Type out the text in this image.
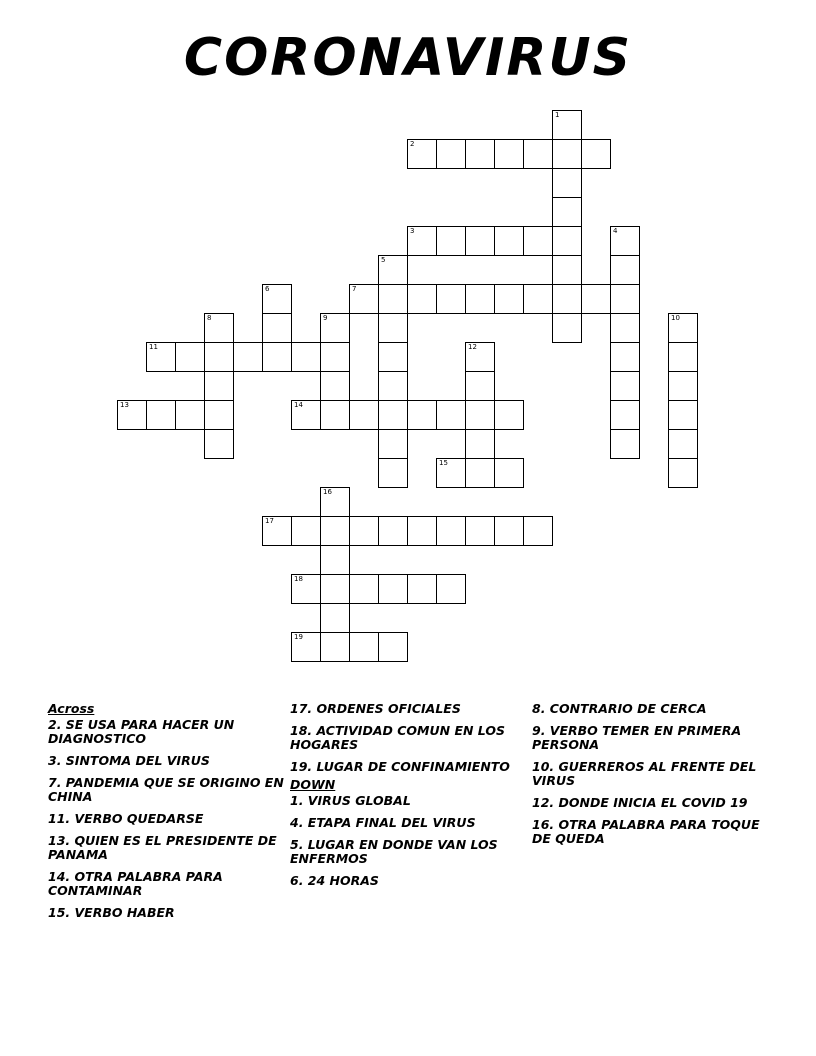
CORONAVIRUS
2
3
7
11
13	14
15
17
18
19
1
4
5
6
8	9	10
12
16
Across
2. SE USA PARA HACER UN DIAGNOSTICO
3. SINTOMA DEL VIRUS
7. PANDEMIA QUE SE ORIGINO EN CHINA
11. VERBO QUEDARSE
13. QUIEN ES EL PRESIDENTE DE PANAMA
14. OTRA PALABRA PARA CONTAMINAR
15. VERBO HABER
17. ORDENES OFICIALES
18. ACTIVIDAD COMUN EN LOS HOGARES
19. LUGAR DE CONFINAMIENTO
DOWN
1. VIRUS GLOBAL
4. ETAPA FINAL DEL VIRUS
5. LUGAR EN DONDE VAN LOS ENFERMOS
6. 24 HORAS
8. CONTRARIO DE CERCA
9. VERBO TEMER EN PRIMERA PERSONA
10. GUERREROS AL FRENTE DEL VIRUS
12. DONDE INICIA EL COVID 19
16. OTRA PALABRA PARA TOQUE DE QUEDA
